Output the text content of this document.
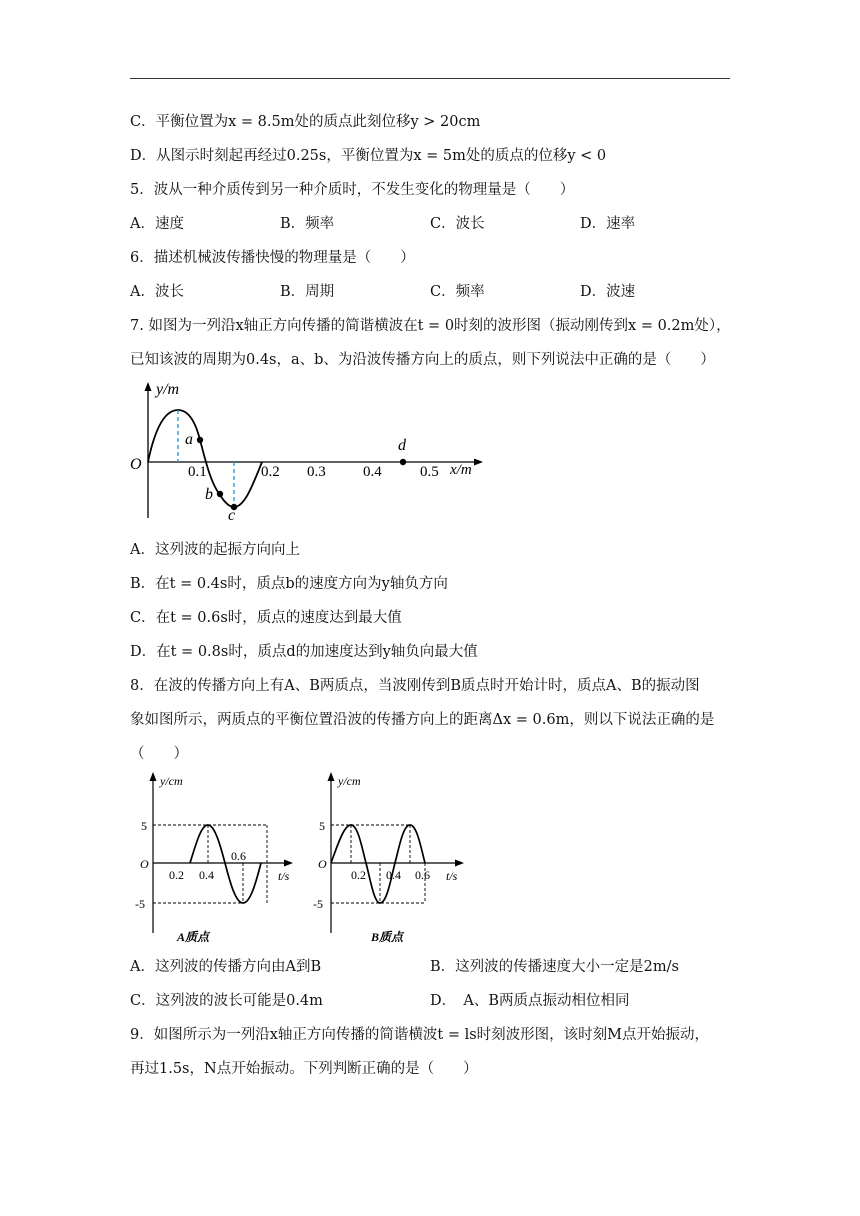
C．平衡位置为x = 8.5m处的质点此刻位移y > 20cm
D．从图示时刻起再经过0.25s，平衡位置为x = 5m处的质点的位移y < 0
5．波从一种介质传到另一种介质时，不发生变化的物理量是（　　）
A．速度	B．频率	C．波长	D．速率
6．描述机械波传播快慢的物理量是（　　）
A．波长	B．周期	C．频率	D．波速
7. 如图为一列沿x轴正方向传播的简谐横波在t = 0时刻的波形图（振动刚传到x = 0.2m处），
已知该波的周期为0.4s，a、b、为沿波传播方向上的质点，则下列说法中正确的是（　　）
y/m
x/m
O	0.1	0.2 0.3 0.4	0.5
a
b
c
d
A．这列波的起振方向向上
B．在t = 0.4s时，质点b的速度方向为y轴负方向
C．在t = 0.6s时，质点的速度达到最大值
D．在t = 0.8s时，质点d的加速度达到y轴负向最大值
8．在波的传播方向上有A、B两质点，当波刚传到B质点时开始计时，质点A、B的振动图
象如图所示，两质点的平衡位置沿波的传播方向上的距离Δx = 0.6m，则以下说法正确的是
（　　）
y/cm
t/s
O
5
-5
0.2 0.4
0.6
A质点
y/cm
t/s
O
5
-5
0.2 0.4 0.6
B质点
A．这列波的传播方向由A到B	B．这列波的传播速度大小一定是2m/s
C．这列波的波长可能是0.4m	D．　A、B两质点振动相位相同
9．如图所示为一列沿x轴正方向传播的简谐横波t = ls时刻波形图，该时刻M点开始振动，
再过1.5s，N点开始振动。下列判断正确的是（　　）
